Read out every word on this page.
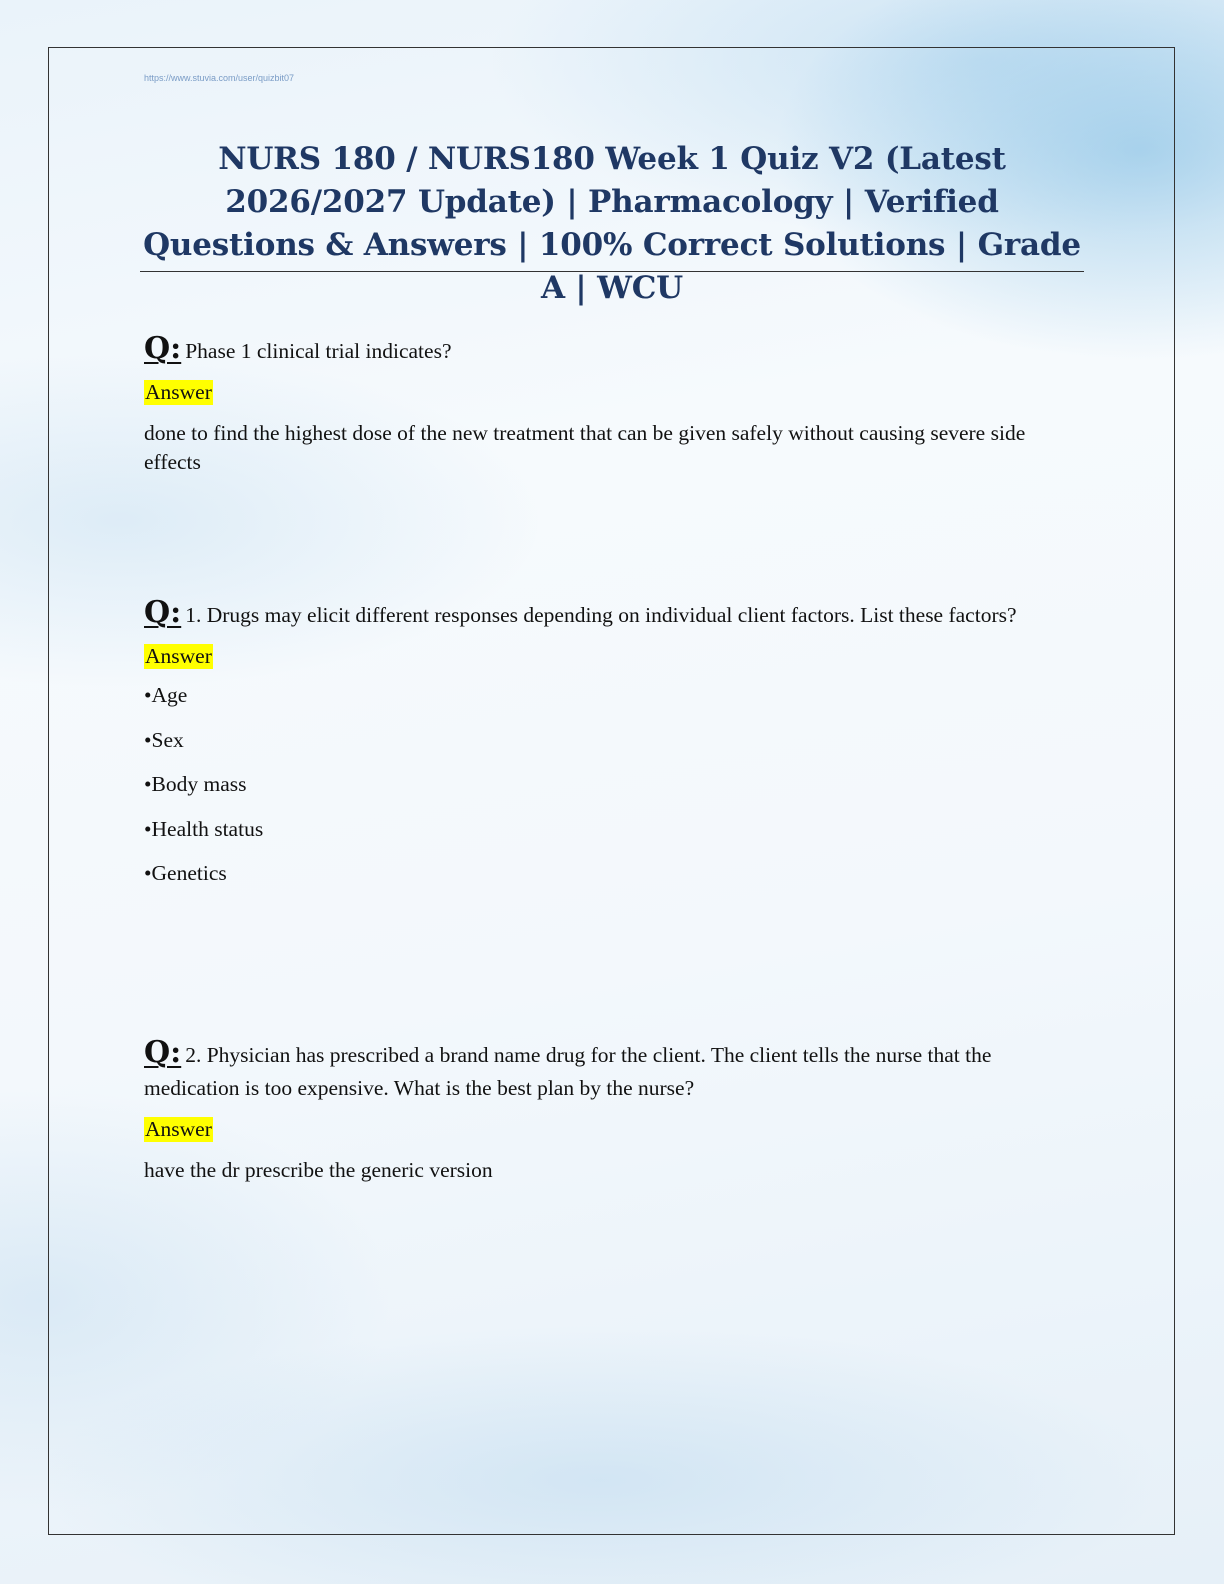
https://www.stuvia.com/user/quizbit07
NURS 180 / NURS180 Week 1 Quiz V2 (Latest 2026/2027 Update) | Pharmacology | Verified Questions & Answers | 100% Correct Solutions | Grade A | WCU

Q: Phase 1 clinical trial indicates?

Answer

done to find the highest dose of the new treatment that can be given safely without causing severe side effects

Q: 1. Drugs may elicit different responses depending on individual client factors. List these factors?

Answer
•Age
•Sex
•Body mass
•Health status
•Genetics

Q: 2. Physician has prescribed a brand name drug for the client. The client tells the nurse that the medication is too expensive. What is the best plan by the nurse?

Answer

have the dr prescribe the generic version
